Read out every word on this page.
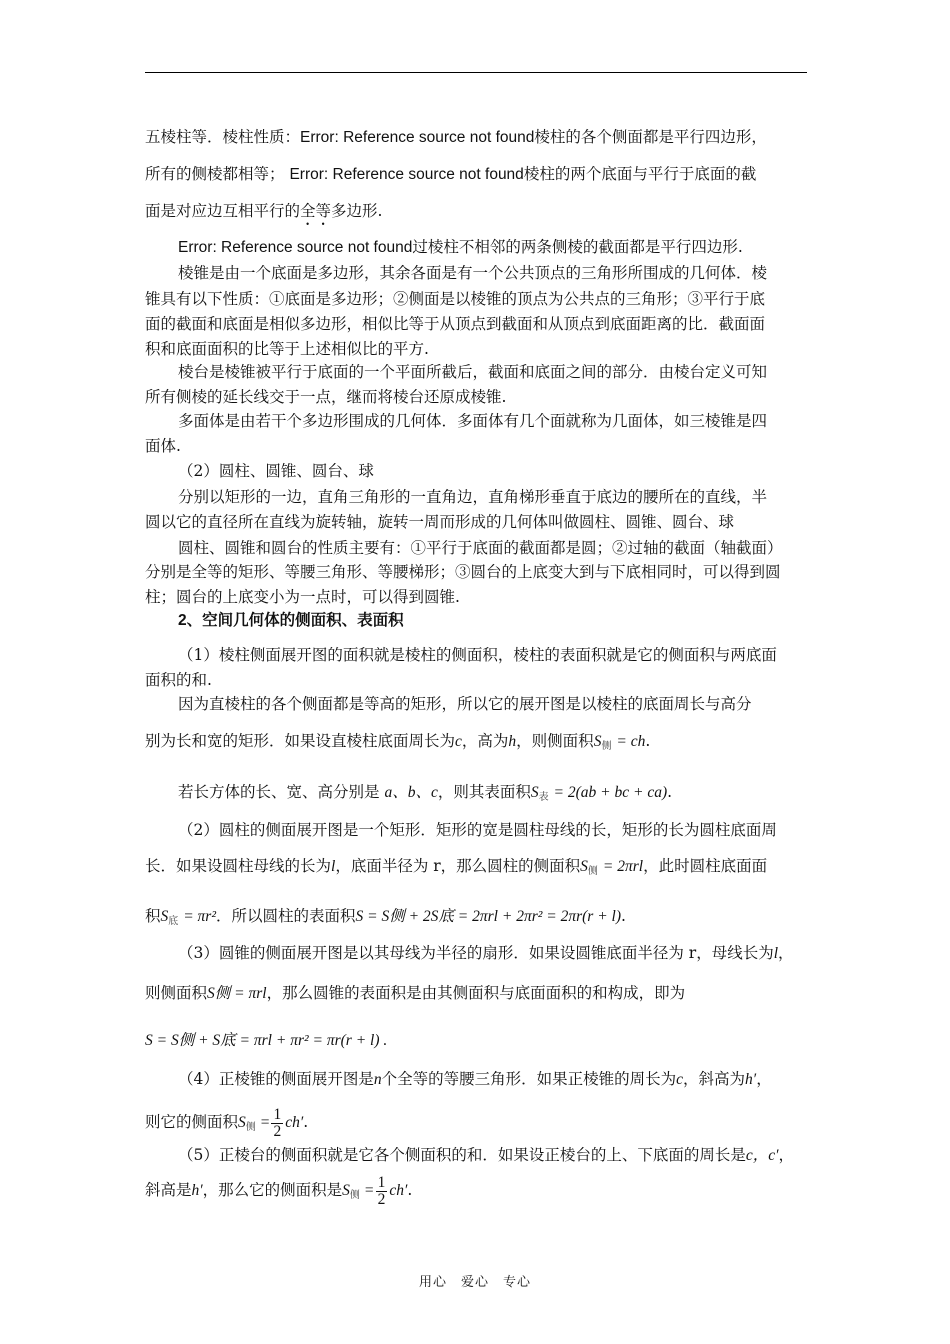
五棱柱等．棱柱性质：Error: Reference source not found棱柱的各个侧面都是平行四边形，
所有的侧棱都相等； Error: Reference source not found棱柱的两个底面与平行于底面的截
面是对应边互相平行的全等多边形.
Error: Reference source not found过棱柱不相邻的两条侧棱的截面都是平行四边形.
棱锥是由一个底面是多边形，其余各面是有一个公共顶点的三角形所围成的几何体．棱
锥具有以下性质：①底面是多边形；②侧面是以棱锥的顶点为公共点的三角形；③平行于底
面的截面和底面是相似多边形，相似比等于从顶点到截面和从顶点到底面距离的比．截面面
积和底面面积的比等于上述相似比的平方.
棱台是棱锥被平行于底面的一个平面所截后，截面和底面之间的部分．由棱台定义可知
所有侧棱的延长线交于一点，继而将棱台还原成棱锥.
多面体是由若干个多边形围成的几何体．多面体有几个面就称为几面体，如三棱锥是四
面体.
（2）圆柱、圆锥、圆台、球
分别以矩形的一边，直角三角形的一直角边，直角梯形垂直于底边的腰所在的直线，半
圆以它的直径所在直线为旋转轴，旋转一周而形成的几何体叫做圆柱、圆锥、圆台、球
圆柱、圆锥和圆台的性质主要有：①平行于底面的截面都是圆；②过轴的截面（轴截面）
分别是全等的矩形、等腰三角形、等腰梯形；③圆台的上底变大到与下底相同时，可以得到圆
柱；圆台的上底变小为一点时，可以得到圆锥.
2、空间几何体的侧面积、表面积
（1）棱柱侧面展开图的面积就是棱柱的侧面积，棱柱的表面积就是它的侧面积与两底面
面积的和.
因为直棱柱的各个侧面都是等高的矩形，所以它的展开图是以棱柱的底面周长与高分
别为长和宽的矩形．如果设直棱柱底面周长为c，高为h，则侧面积$S_侧$ = ch.
若长方体的长、宽、高分别是 a、b、c，则其表面积$S_表 = 2(ab$ + bc + ca).
（2）圆柱的侧面展开图是一个矩形．矩形的宽是圆柱母线的长，矩形的长为圆柱底面周
长．如果设圆柱母线的长为l，底面半径为 r，那么圆柱的侧面积$S_侧 = 2\pi rl$，此时圆柱底面面
积$S_底 = \pi r^2$．所以圆柱的表面积S = S侧 + 2S底 = 2πrl + 2πr² = 2πr(r + l).
（3）圆锥的侧面展开图是以其母线为半径的扇形．如果设圆锥底面半径为 r，母线长为l，
则侧面积S侧 = πrl，那么圆锥的表面积是由其侧面积与底面面积的和构成，即为
S = S侧 + S底 = πrl + πr² = πr(r + l) .
（4）正棱锥的侧面展开图是n个全等的等腰三角形．如果正棱锥的周长为c，斜高为h′，
则它的侧面积$S_侧 = \frac{1}{2} ch'$.
（5）正棱台的侧面积就是它各个侧面积的和．如果设正棱台的上、下底面的周长是c，c′，
斜高是h′，那么它的侧面积是$S_侧 = \frac{1}{2} ch'$.
用心 爱心 专心
